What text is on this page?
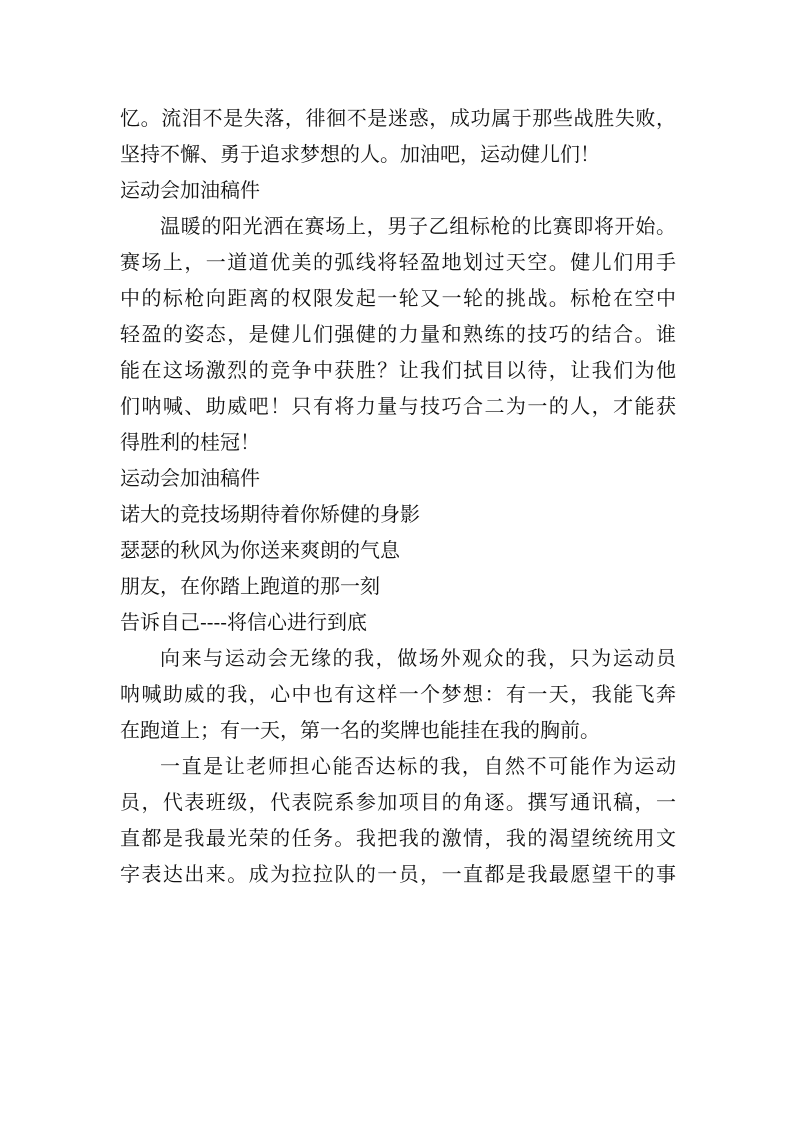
忆。流泪不是失落，徘徊不是迷惑，成功属于那些战胜失败，
坚持不懈、勇于追求梦想的人。加油吧，运动健儿们！
运动会加油稿件
温暖的阳光洒在赛场上，男子乙组标枪的比赛即将开始。
赛场上，一道道优美的弧线将轻盈地划过天空。健儿们用手
中的标枪向距离的权限发起一轮又一轮的挑战。标枪在空中
轻盈的姿态，是健儿们强健的力量和熟练的技巧的结合。谁
能在这场激烈的竞争中获胜？让我们拭目以待，让我们为他
们呐喊、助威吧！只有将力量与技巧合二为一的人，才能获
得胜利的桂冠！
运动会加油稿件
诺大的竞技场期待着你矫健的身影
瑟瑟的秋风为你送来爽朗的气息
朋友，在你踏上跑道的那一刻
告诉自己----将信心进行到底
向来与运动会无缘的我，做场外观众的我，只为运动员
呐喊助威的我，心中也有这样一个梦想：有一天，我能飞奔
在跑道上；有一天，第一名的奖牌也能挂在我的胸前。
一直是让老师担心能否达标的我，自然不可能作为运动
员，代表班级，代表院系参加项目的角逐。撰写通讯稿，一
直都是我最光荣的任务。我把我的激情，我的渴望统统用文
字表达出来。成为拉拉队的一员，一直都是我最愿望干的事
